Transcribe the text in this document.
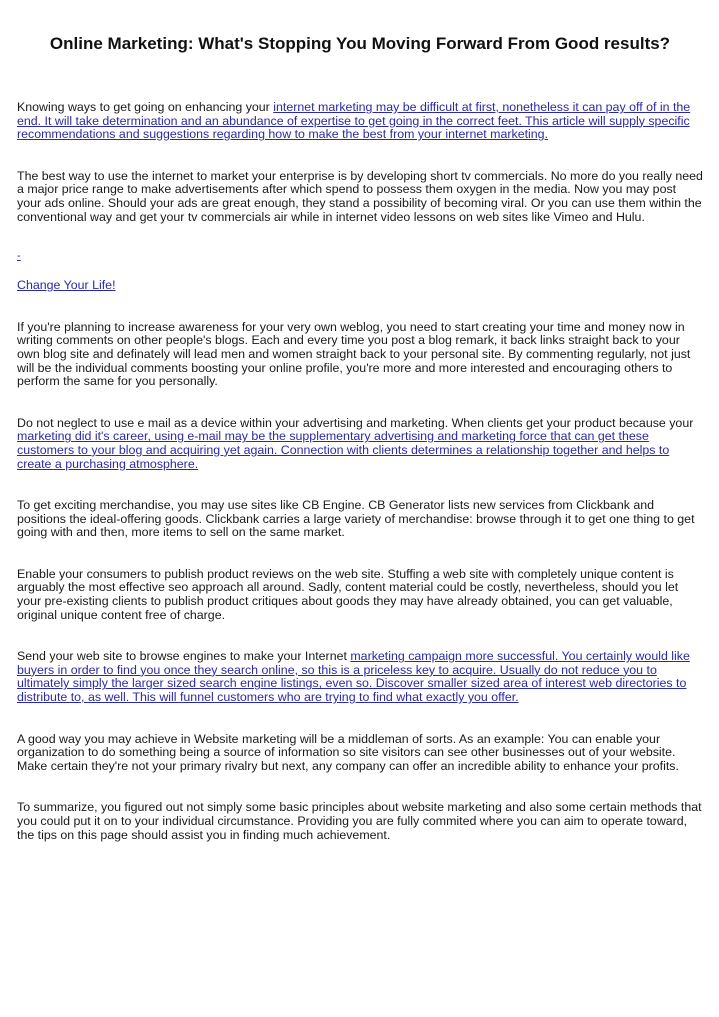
Online Marketing: What's Stopping You Moving Forward From Good results?

Knowing ways to get going on enhancing your internet marketing may be difficult at first, nonetheless it can pay off of in the end. It will take determination and an abundance of expertise to get going in the correct feet. This article will supply specific recommendations and suggestions regarding how to make the best from your internet marketing.

The best way to use the internet to market your enterprise is by developing short tv commercials. No more do you really need a major price range to make advertisements after which spend to possess them oxygen in the media. Now you may post your ads online. Should your ads are great enough, they stand a possibility of becoming viral. Or you can use them within the conventional way and get your tv commercials air while in internet video lessons on web sites like Vimeo and Hulu.

-

Change Your Life!

If you're planning to increase awareness for your very own weblog, you need to start creating your time and money now in writing comments on other people's blogs. Each and every time you post a blog remark, it back links straight back to your own blog site and definately will lead men and women straight back to your personal site. By commenting regularly, not just will be the individual comments boosting your online profile, you're more and more interested and encouraging others to perform the same for you personally.

Do not neglect to use e mail as a device within your advertising and marketing. When clients get your product because your marketing did it's career, using e-mail may be the supplementary advertising and marketing force that can get these customers to your blog and acquiring yet again. Connection with clients determines a relationship together and helps to create a purchasing atmosphere.

To get exciting merchandise, you may use sites like CB Engine. CB Generator lists new services from Clickbank and positions the ideal-offering goods. Clickbank carries a large variety of merchandise: browse through it to get one thing to get going with and then, more items to sell on the same market.

Enable your consumers to publish product reviews on the web site. Stuffing a web site with completely unique content is arguably the most effective seo approach all around. Sadly, content material could be costly, nevertheless, should you let your pre-existing clients to publish product critiques about goods they may have already obtained, you can get valuable, original unique content free of charge.

Send your web site to browse engines to make your Internet marketing campaign more successful. You certainly would like buyers in order to find you once they search online, so this is a priceless key to acquire. Usually do not reduce you to ultimately simply the larger sized search engine listings, even so. Discover smaller sized area of interest web directories to distribute to, as well. This will funnel customers who are trying to find what exactly you offer.

A good way you may achieve in Website marketing will be a middleman of sorts. As an example: You can enable your organization to do something being a source of information so site visitors can see other businesses out of your website. Make certain they're not your primary rivalry but next, any company can offer an incredible ability to enhance your profits.

To summarize, you figured out not simply some basic principles about website marketing and also some certain methods that you could put it on to your individual circumstance. Providing you are fully commited where you can aim to operate toward, the tips on this page should assist you in finding much achievement.
